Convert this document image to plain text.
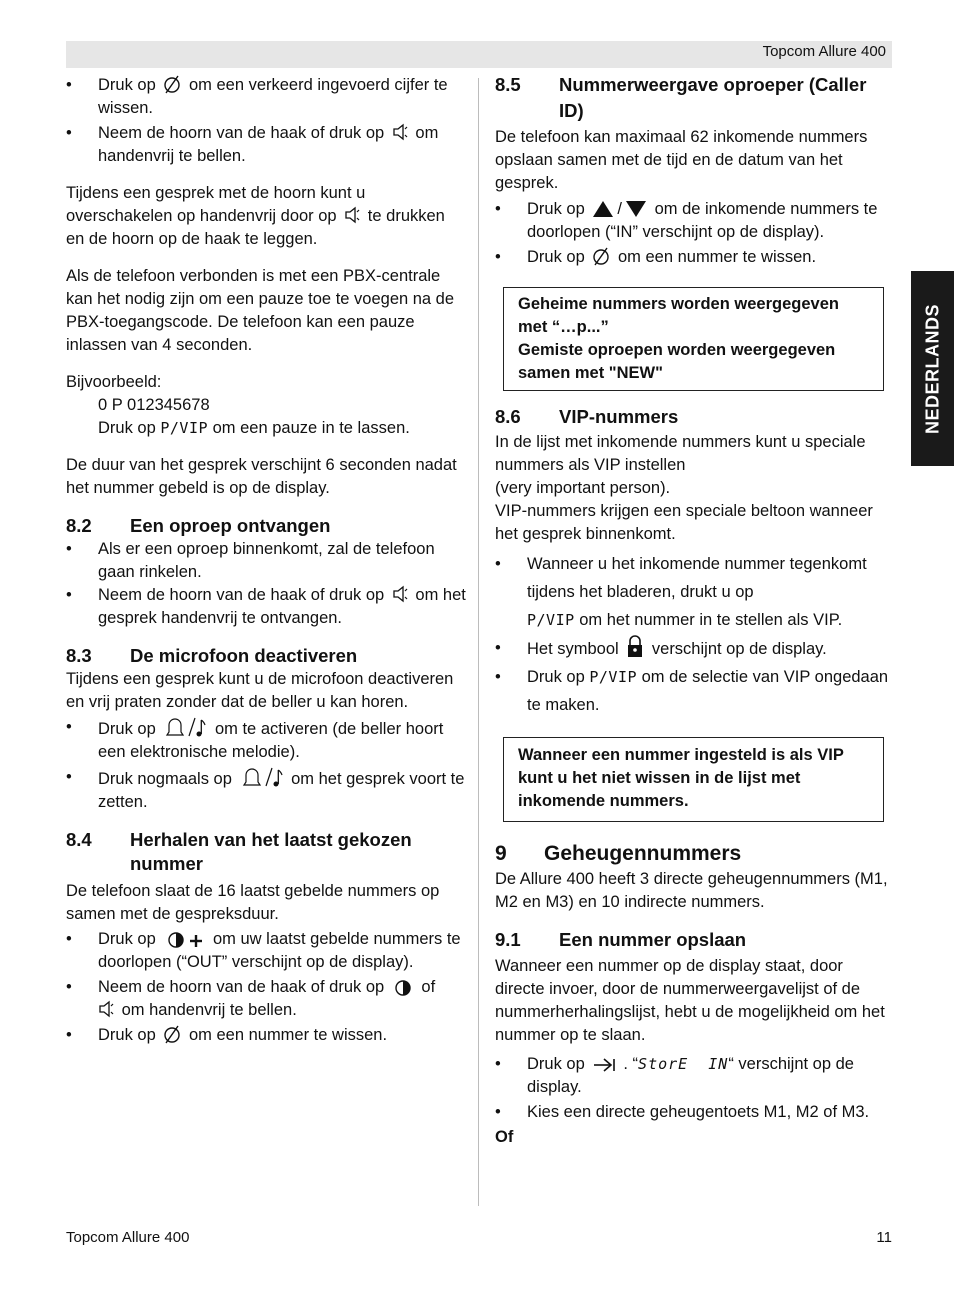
Topcom Allure 400
NEDERLANDS
• Druk op om een verkeerd ingevoerd cijfer te wissen.
• Neem de hoorn van de haak of druk op om handenvrij te bellen.

Tijdens een gesprek met de hoorn kunt u overschakelen op handenvrij door op te drukken en de hoorn op de haak te leggen.

Als de telefoon verbonden is met een PBX-centrale kan het nodig zijn om een pauze toe te voegen na de PBX-toegangscode. De telefoon kan een pauze inlassen van 4 seconden.

Bijvoorbeeld:

0 P 012345678

Druk op P/VIP om een pauze in te lassen.

De duur van het gesprek verschijnt 6 seconden nadat het nummer gebeld is op de display.

8.2 Een oproep ontvangen
• Als er een oproep binnenkomt, zal de telefoon gaan rinkelen.
• Neem de hoorn van de haak of druk op om het gesprek handenvrij te ontvangen.
8.3 De microfoon deactiveren

Tijdens een gesprek kunt u de microfoon deactiveren en vrij praten zonder dat de beller u kan horen.

• Druk op	om te activeren (de beller hoort een elektronische melodie).
• Druk nogmaals op	om het gesprek voort te zetten.
8.4 Herhalen van het laatst gekozen nummer

De telefoon slaat de 16 laatst gebelde nummers op samen met de gespreksduur.

• Druk op	om uw laatst gebelde nummers te doorlopen (“OUT” verschijnt op de display).
• Neem de hoorn van de haak of druk op of
om handenvrij te bellen.
• Druk op om een nummer te wissen.
8.5 Nummerweergave oproeper (Caller ID)

De telefoon kan maximaal 62 inkomende nummers opslaan samen met de tijd en de datum van het gesprek.

• Druk op / om de inkomende nummers te doorlopen (“IN” verschijnt op de display).
• Druk op om een nummer te wissen.

Geheime nummers worden weergegeven met “…p...”

Gemiste oproepen worden weergegeven samen met "NEW"

8.6 VIP-nummers

In de lijst met inkomende nummers kunt u speciale nummers als VIP instellen

(very important person).

VIP-nummers krijgen een speciale beltoon wanneer het gesprek binnenkomt.

• Wanneer u het inkomende nummer tegenkomt tijdens het bladeren, drukt u op
P/VIP om het nummer in te stellen als VIP.
• Het symbool verschijnt op de display.
• Druk op P/VIP om de selectie van VIP ongedaan te maken.

Wanneer een nummer ingesteld is als VIP kunt u het niet wissen in de lijst met inkomende nummers.

9 Geheugennummers

De Allure 400 heeft 3 directe geheugennummers (M1, M2 en M3) en 10 indirecte nummers.

9.1 Een nummer opslaan

Wanneer een nummer op de display staat, door directe invoer, door de nummerweergavelijst of de nummerherhalingslijst, hebt u de mogelijkheid om het nummer op te slaan.

• Druk op . “StorE  IN“ verschijnt op de display.
• Kies een directe geheugentoets M1, M2 of M3.

Of

Topcom Allure 400	11
